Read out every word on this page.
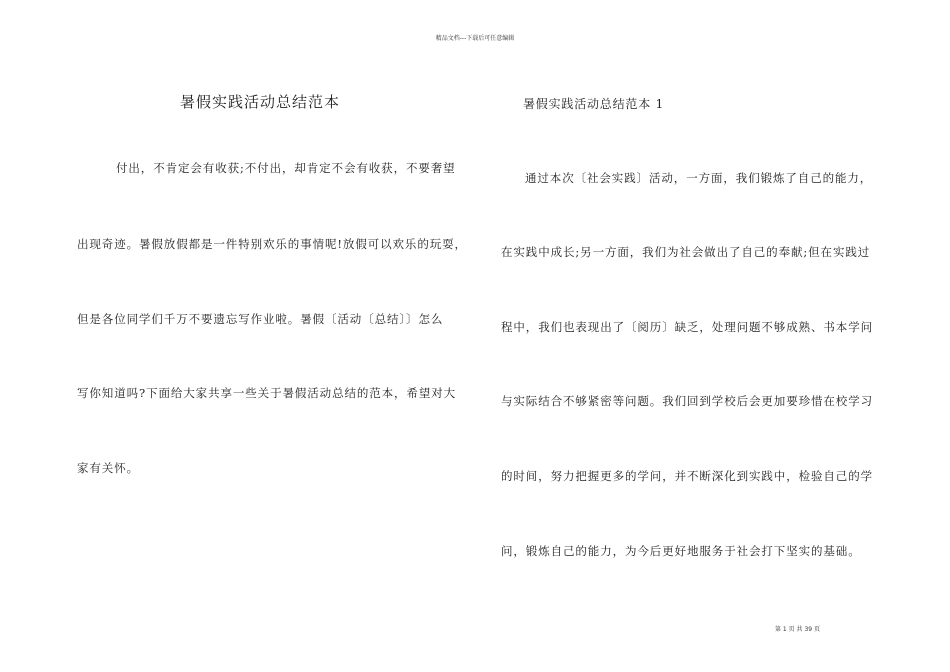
精品文档---下载后可任意编辑
暑假实践活动总结范本
付出，不肯定会有收获;不付出，却肯定不会有收获，不要奢望
出现奇迹。暑假放假都是一件特别欢乐的事情呢!放假可以欢乐的玩耍，
但是各位同学们千万不要遗忘写作业啦。暑假〔活动〔总结〕〕怎么
写你知道吗?下面给大家共享一些关于暑假活动总结的范本，希望对大
家有关怀。
暑假实践活动总结范本 1
通过本次〔社会实践〕活动，一方面，我们锻炼了自己的能力，
在实践中成长;另一方面，我们为社会做出了自己的奉献;但在实践过
程中，我们也表现出了〔阅历〕缺乏，处理问题不够成熟、书本学问
与实际结合不够紧密等问题。我们回到学校后会更加要珍惜在校学习
的时间，努力把握更多的学问，并不断深化到实践中，检验自己的学
问，锻炼自己的能力，为今后更好地服务于社会打下坚实的基础。
第 1 页 共 39 页
